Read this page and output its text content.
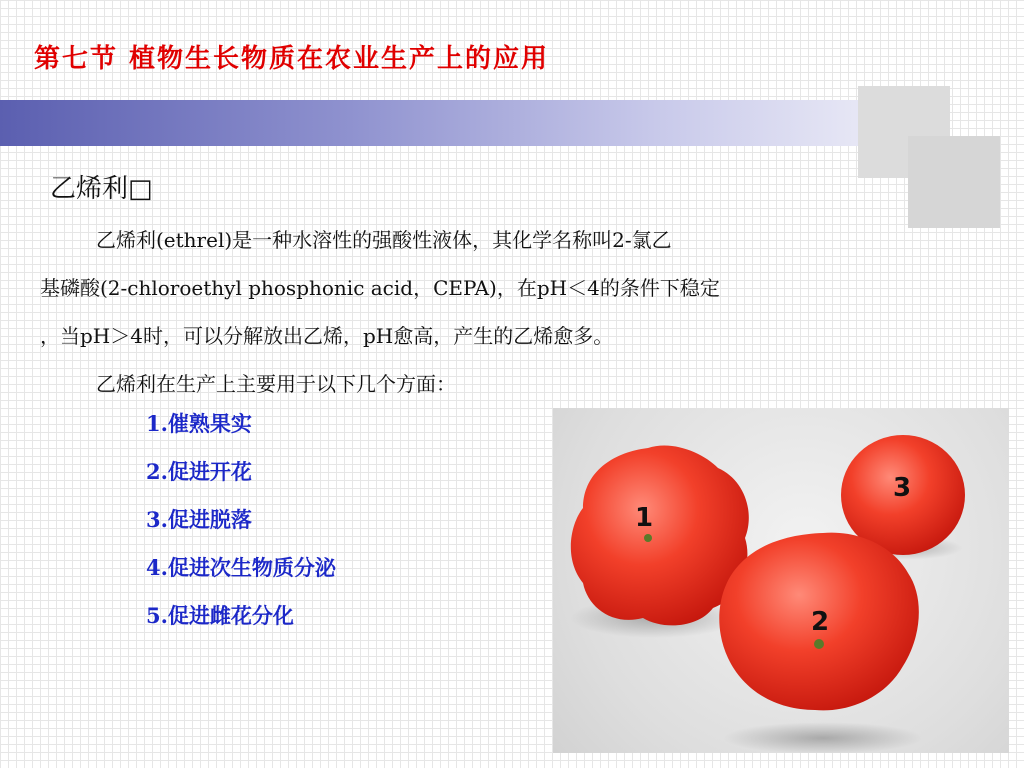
第七节 植物生长物质在农业生产上的应用
乙烯利□
乙烯利(ethrel)是一种水溶性的强酸性液体，其化学名称叫2-氯乙
基磷酸(2-chloroethyl phosphonic acid，CEPA)，在pH＜4的条件下稳定
，当pH＞4时，可以分解放出乙烯，pH愈高，产生的乙烯愈多。
乙烯利在生产上主要用于以下几个方面：
1.催熟果实
2.促进开花
3.促进脱落
4.促进次生物质分泌
5.促进雌花分化
1
3
2
